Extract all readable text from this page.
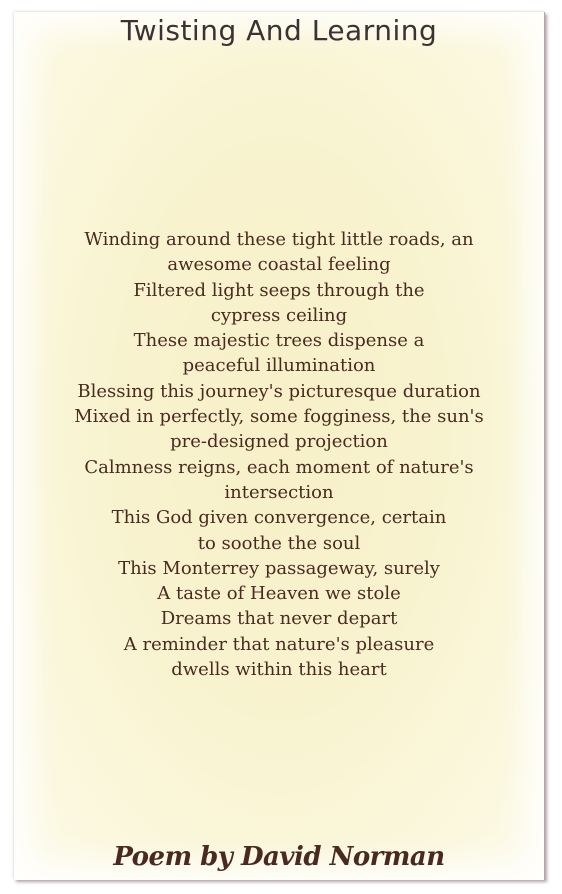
Twisting And Learning
Winding around these tight little roads, an
awesome coastal feeling
Filtered light seeps through the
cypress ceiling
These majestic trees dispense a
peaceful illumination
Blessing this journey's picturesque duration
Mixed in perfectly, some fogginess, the sun's
pre-designed projection
Calmness reigns, each moment of nature's
intersection
This God given convergence, certain
to soothe the soul
This Monterrey passageway, surely
A taste of Heaven we stole
Dreams that never depart
A reminder that nature's pleasure
dwells within this heart
Poem by David Norman
